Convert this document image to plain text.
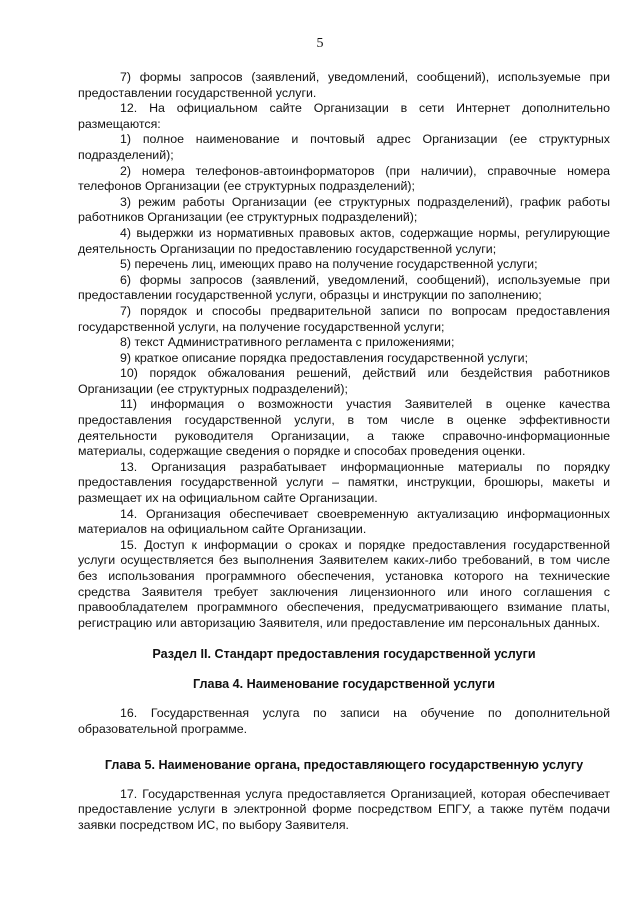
5

7) формы запросов (заявлений, уведомлений, сообщений), используемые при предоставлении государственной услуги.

12. На официальном сайте Организации в сети Интернет дополнительно размещаются:

1) полное наименование и почтовый адрес Организации (ее структурных подразделений);

2) номера телефонов-автоинформаторов (при наличии), справочные номера телефонов Организации (ее структурных подразделений);

3) режим работы Организации (ее структурных подразделений), график работы работников Организации (ее структурных подразделений);

4) выдержки из нормативных правовых актов, содержащие нормы, регулирующие деятельность Организации по предоставлению государственной услуги;

5) перечень лиц, имеющих право на получение государственной услуги;

6) формы запросов (заявлений, уведомлений, сообщений), используемые при предоставлении государственной услуги, образцы и инструкции по заполнению;

7) порядок и способы предварительной записи по вопросам предоставления государственной услуги, на получение государственной услуги;

8) текст Административного регламента с приложениями;

9) краткое описание порядка предоставления государственной услуги;

10) порядок обжалования решений, действий или бездействия работников Организации (ее структурных подразделений);

11) информация о возможности участия Заявителей в оценке качества предоставления государственной услуги, в том числе в оценке эффективности деятельности руководителя Организации, а также справочно-информационные материалы, содержащие сведения о порядке и способах проведения оценки.

13. Организация разрабатывает информационные материалы по порядку предоставления государственной услуги – памятки, инструкции, брошюры, макеты и размещает их на официальном сайте Организации.

14. Организация обеспечивает своевременную актуализацию информационных материалов на официальном сайте Организации.

15. Доступ к информации о сроках и порядке предоставления государственной услуги осуществляется без выполнения Заявителем каких-либо требований, в том числе без использования программного обеспечения, установка которого на технические средства Заявителя требует заключения лицензионного или иного соглашения с правообладателем программного обеспечения, предусматривающего взимание платы, регистрацию или авторизацию Заявителя, или предоставление им персональных данных.

Раздел II. Стандарт предоставления государственной услуги

Глава 4. Наименование государственной услуги

16. Государственная услуга по записи на обучение по дополнительной образовательной программе.

Глава 5. Наименование органа, предоставляющего государственную услугу

17. Государственная услуга предоставляется Организацией, которая обеспечивает предоставление услуги в электронной форме посредством ЕПГУ, а также путём подачи заявки посредством ИС, по выбору Заявителя.
